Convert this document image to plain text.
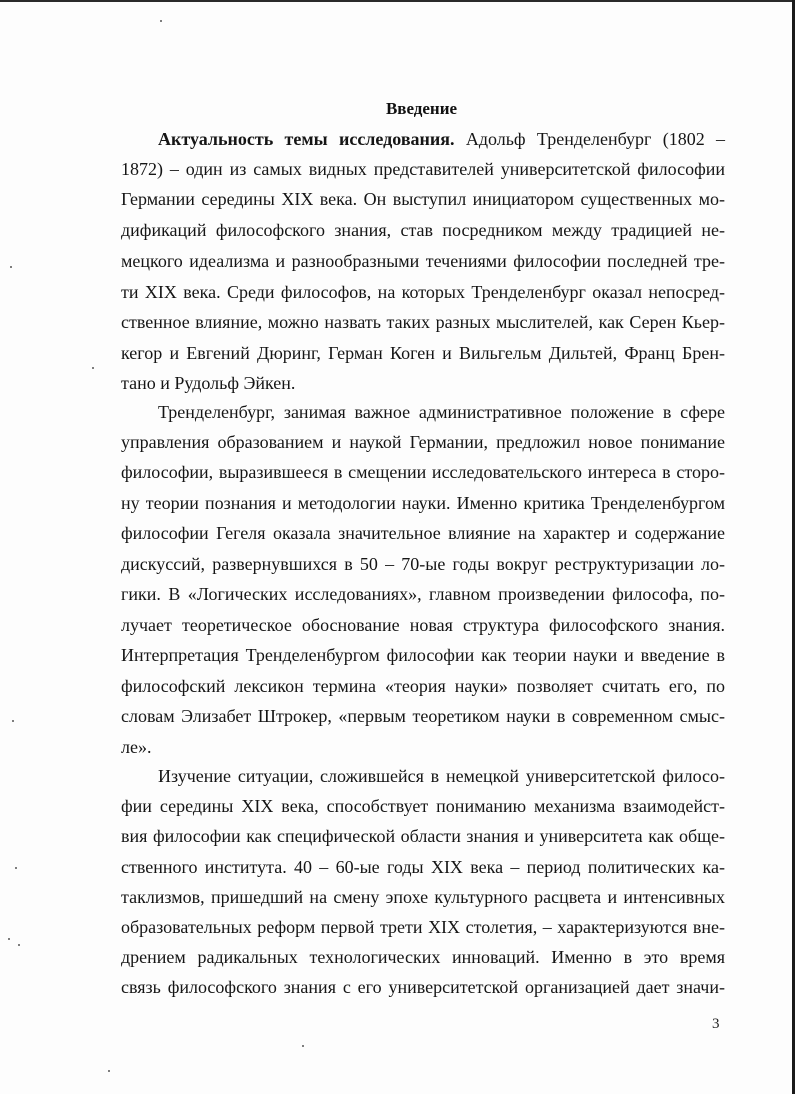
Введение
Актуальность темы исследования. Адольф Тренделенбург (1802 –
1872) – один из самых видных представителей университетской философии
Германии середины XIX века. Он выступил инициатором существенных мо-
дификаций философского знания, став посредником между традицией не-
мецкого идеализма и разнообразными течениями философии последней тре-
ти XIX века. Среди философов, на которых Тренделенбург оказал непосред-
ственное влияние, можно назвать таких разных мыслителей, как Серен Кьер-
кегор и Евгений Дюринг, Герман Коген и Вильгельм Дильтей, Франц Брен-
тано и Рудольф Эйкен.
Тренделенбург, занимая важное административное положение в сфере
управления образованием и наукой Германии, предложил новое понимание
философии, выразившееся в смещении исследовательского интереса в сторо-
ну теории познания и методологии науки. Именно критика Тренделенбургом
философии Гегеля оказала значительное влияние на характер и содержание
дискуссий, развернувшихся в 50 – 70-ые годы вокруг реструктуризации ло-
гики. В «Логических исследованиях», главном произведении философа, по-
лучает теоретическое обоснование новая структура философского знания.
Интерпретация Тренделенбургом философии как теории науки и введение в
философский лексикон термина «теория науки» позволяет считать его, по
словам Элизабет Штрокер, «первым теоретиком науки в современном смыс-
ле».
Изучение ситуации, сложившейся в немецкой университетской филосо-
фии середины XIX века, способствует пониманию механизма взаимодейст-
вия философии как специфической области знания и университета как обще-
ственного института. 40 – 60-ые годы XIX века – период политических ка-
таклизмов, пришедший на смену эпохе культурного расцвета и интенсивных
образовательных реформ первой трети XIX столетия, – характеризуются вне-
дрением радикальных технологических инноваций. Именно в это время
связь философского знания с его университетской организацией дает значи-
3
